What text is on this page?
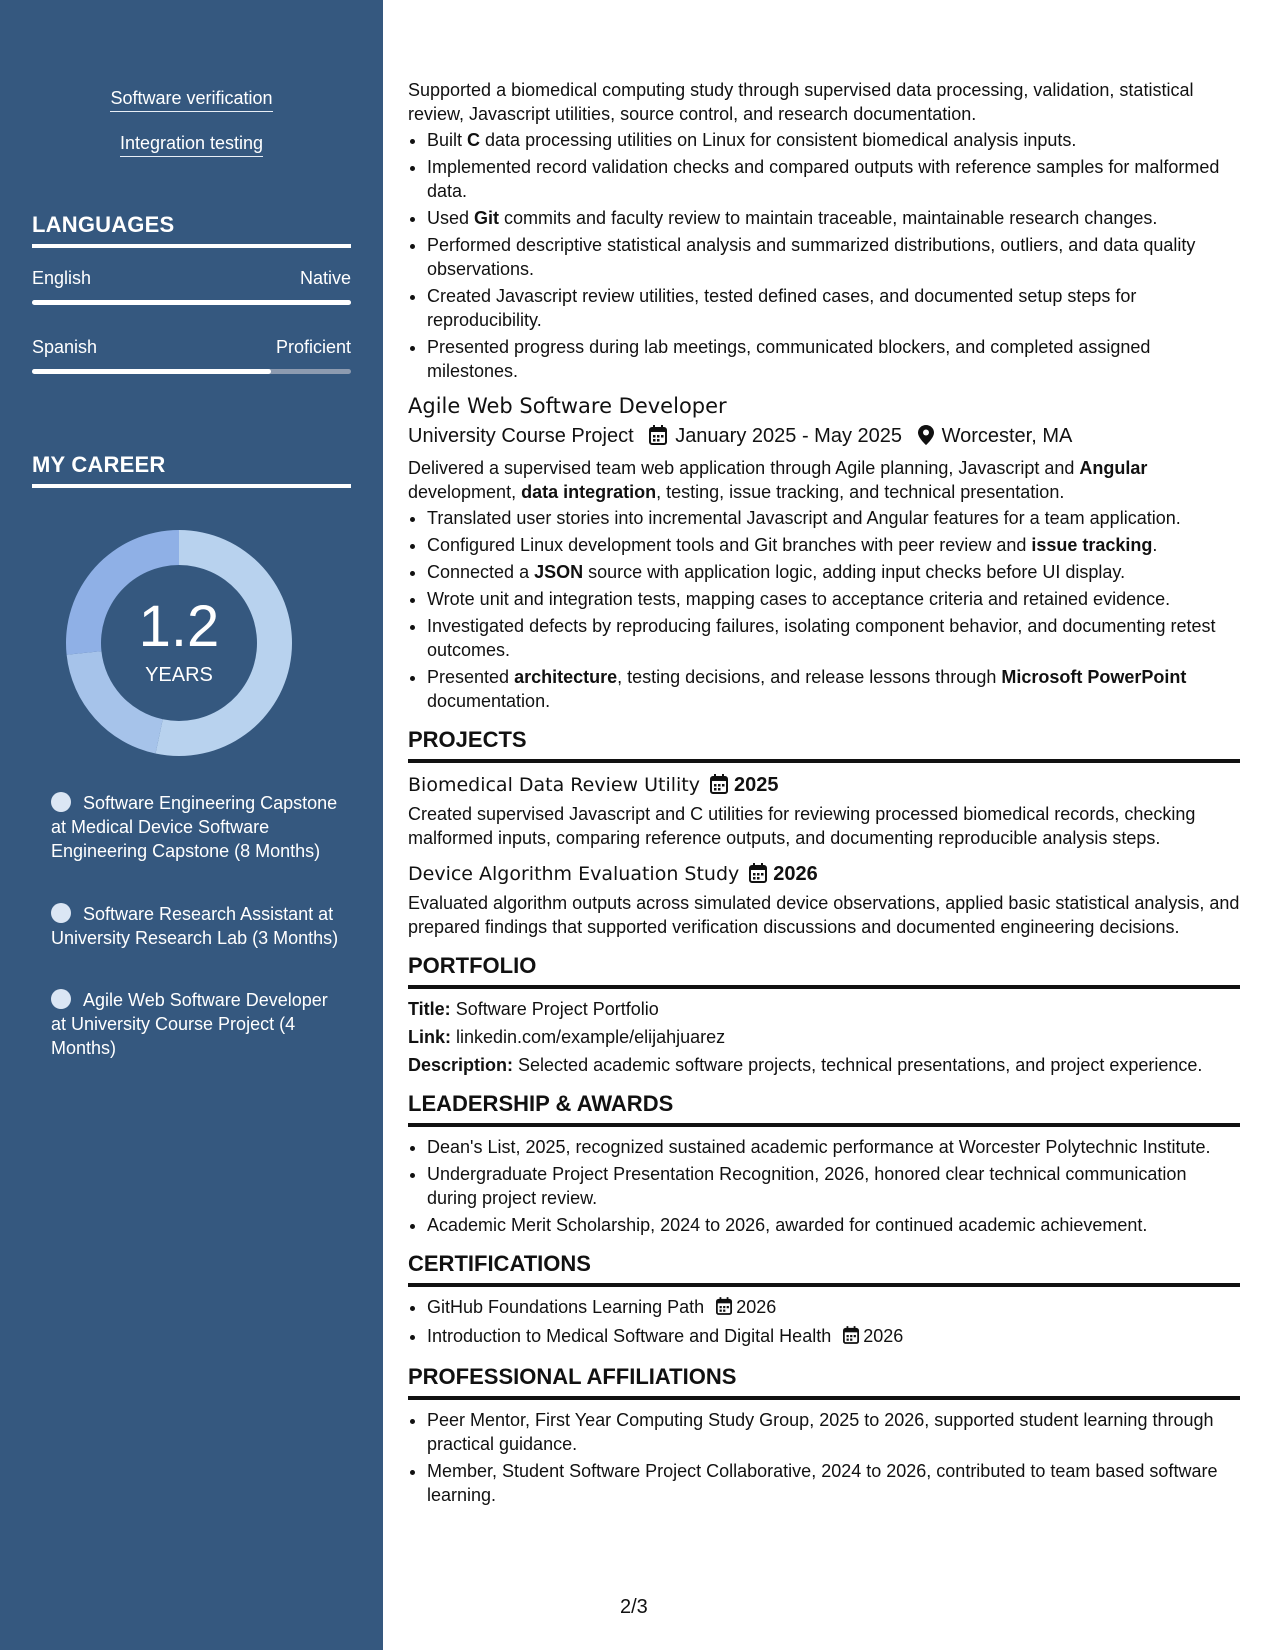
Software verification
Integration testing
LANGUAGES
English	Native
Spanish	Proficient
MY CAREER
1.2
YEARS
Software Engineering Capstone at Medical Device Software Engineering Capstone (8 Months)
Software Research Assistant at University Research Lab (3 Months)
Agile Web Software Developer at University Course Project (4 Months)

Supported a biomedical computing study through supervised data processing, validation, statistical review, Javascript utilities, source control, and research documentation.

• Built C data processing utilities on Linux for consistent biomedical analysis inputs.
• Implemented record validation checks and compared outputs with reference samples for malformed data.
• Used Git commits and faculty review to maintain traceable, maintainable research changes.
• Performed descriptive statistical analysis and summarized distributions, outliers, and data quality observations.
• Created Javascript review utilities, tested defined cases, and documented setup steps for reproducibility.
• Presented progress during lab meetings, communicated blockers, and completed assigned milestones.
Agile Web Software Developer
University Course Project January 2025 - May 2025 Worcester, MA

Delivered a supervised team web application through Agile planning, Javascript and Angular development, data integration, testing, issue tracking, and technical presentation.

• Translated user stories into incremental Javascript and Angular features for a team application.
• Configured Linux development tools and Git branches with peer review and issue tracking.
• Connected a JSON source with application logic, adding input checks before UI display.
• Wrote unit and integration tests, mapping cases to acceptance criteria and retained evidence.
• Investigated defects by reproducing failures, isolating component behavior, and documenting retest outcomes.
• Presented architecture, testing decisions, and release lessons through Microsoft PowerPoint documentation.
PROJECTS
Biomedical Data Review Utility 2025

Created supervised Javascript and C utilities for reviewing processed biomedical records, checking malformed inputs, comparing reference outputs, and documenting reproducible analysis steps.

Device Algorithm Evaluation Study 2026

Evaluated algorithm outputs across simulated device observations, applied basic statistical analysis, and prepared findings that supported verification discussions and documented engineering decisions.

PORTFOLIO
Title: Software Project Portfolio
Link: linkedin.com/example/elijahjuarez
Description: Selected academic software projects, technical presentations, and project experience.
LEADERSHIP & AWARDS
• Dean's List, 2025, recognized sustained academic performance at Worcester Polytechnic Institute.
• Undergraduate Project Presentation Recognition, 2026, honored clear technical communication during project review.
• Academic Merit Scholarship, 2024 to 2026, awarded for continued academic achievement.
CERTIFICATIONS
• GitHub Foundations Learning Path 2026
• Introduction to Medical Software and Digital Health 2026
PROFESSIONAL AFFILIATIONS
• Peer Mentor, First Year Computing Study Group, 2025 to 2026, supported student learning through practical guidance.
• Member, Student Software Project Collaborative, 2024 to 2026, contributed to team based software learning.
2/3
